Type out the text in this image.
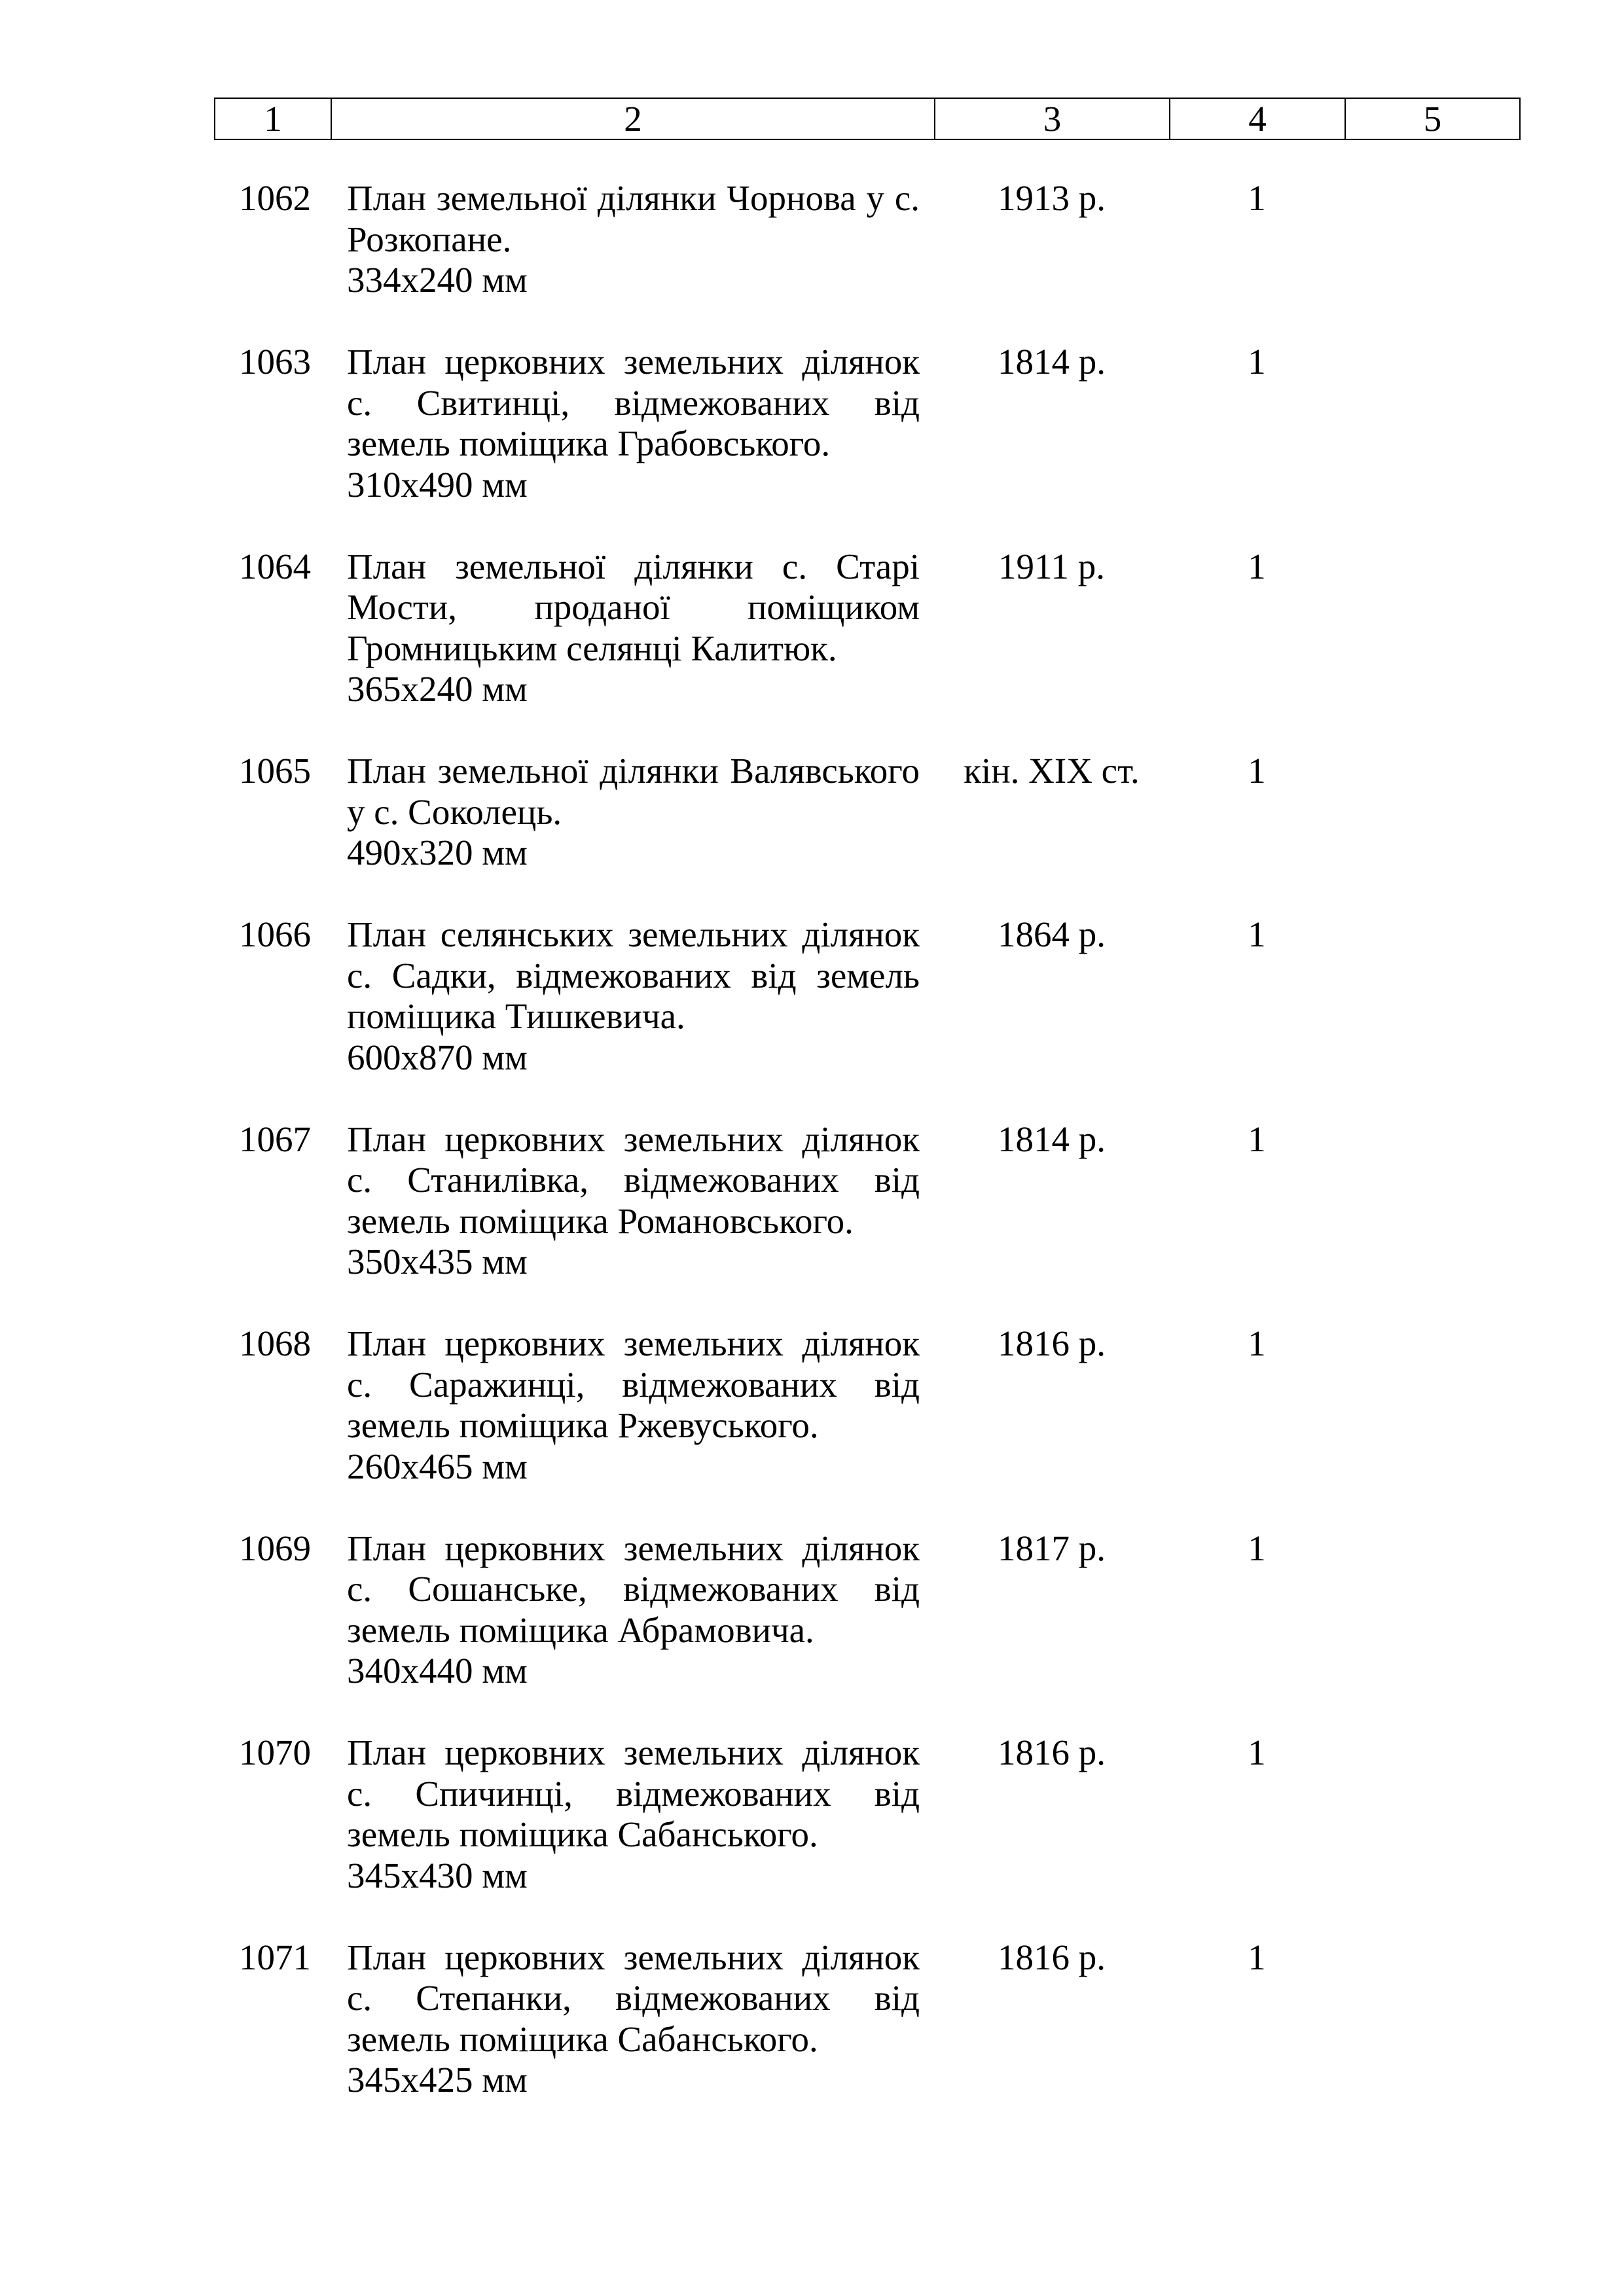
1	2	3	4	5
1062 План земельної ділянки Чорнова у с. Розкопане.
334х240 мм
1913 р.	1
1063 План церковних земельних ділянок с. Свитинці, відмежованих від земель поміщика Грабовського.
310х490 мм
1814 р.	1
1064 План земельної ділянки с. Старі Мости, проданої поміщиком Громницьким селянці Калитюк.
365х240 мм
1911 р.	1
1065 План земельної ділянки Валявського у с. Соколець.
490х320 мм
кін. XIX ст.	1
1066 План селянських земельних ділянок с. Садки, відмежованих від земель поміщика Тишкевича.
600х870 мм
1864 р.	1
1067 План церковних земельних ділянок с. Станилівка, відмежованих від земель поміщика Романовського.
350х435 мм
1814 р.	1
1068 План церковних земельних ділянок с. Саражинці, відмежованих від земель поміщика Ржевуського.
260х465 мм
1816 р.	1
1069 План церковних земельних ділянок с. Сошанське, відмежованих від земель поміщика Абрамовича.
340х440 мм
1817 р.	1
1070 План церковних земельних ділянок с. Спичинці, відмежованих від земель поміщика Сабанського.
345х430 мм
1816 р.	1
1071 План церковних земельних ділянок с. Степанки, відмежованих від земель поміщика Сабанського.
345х425 мм
1816 р.	1
